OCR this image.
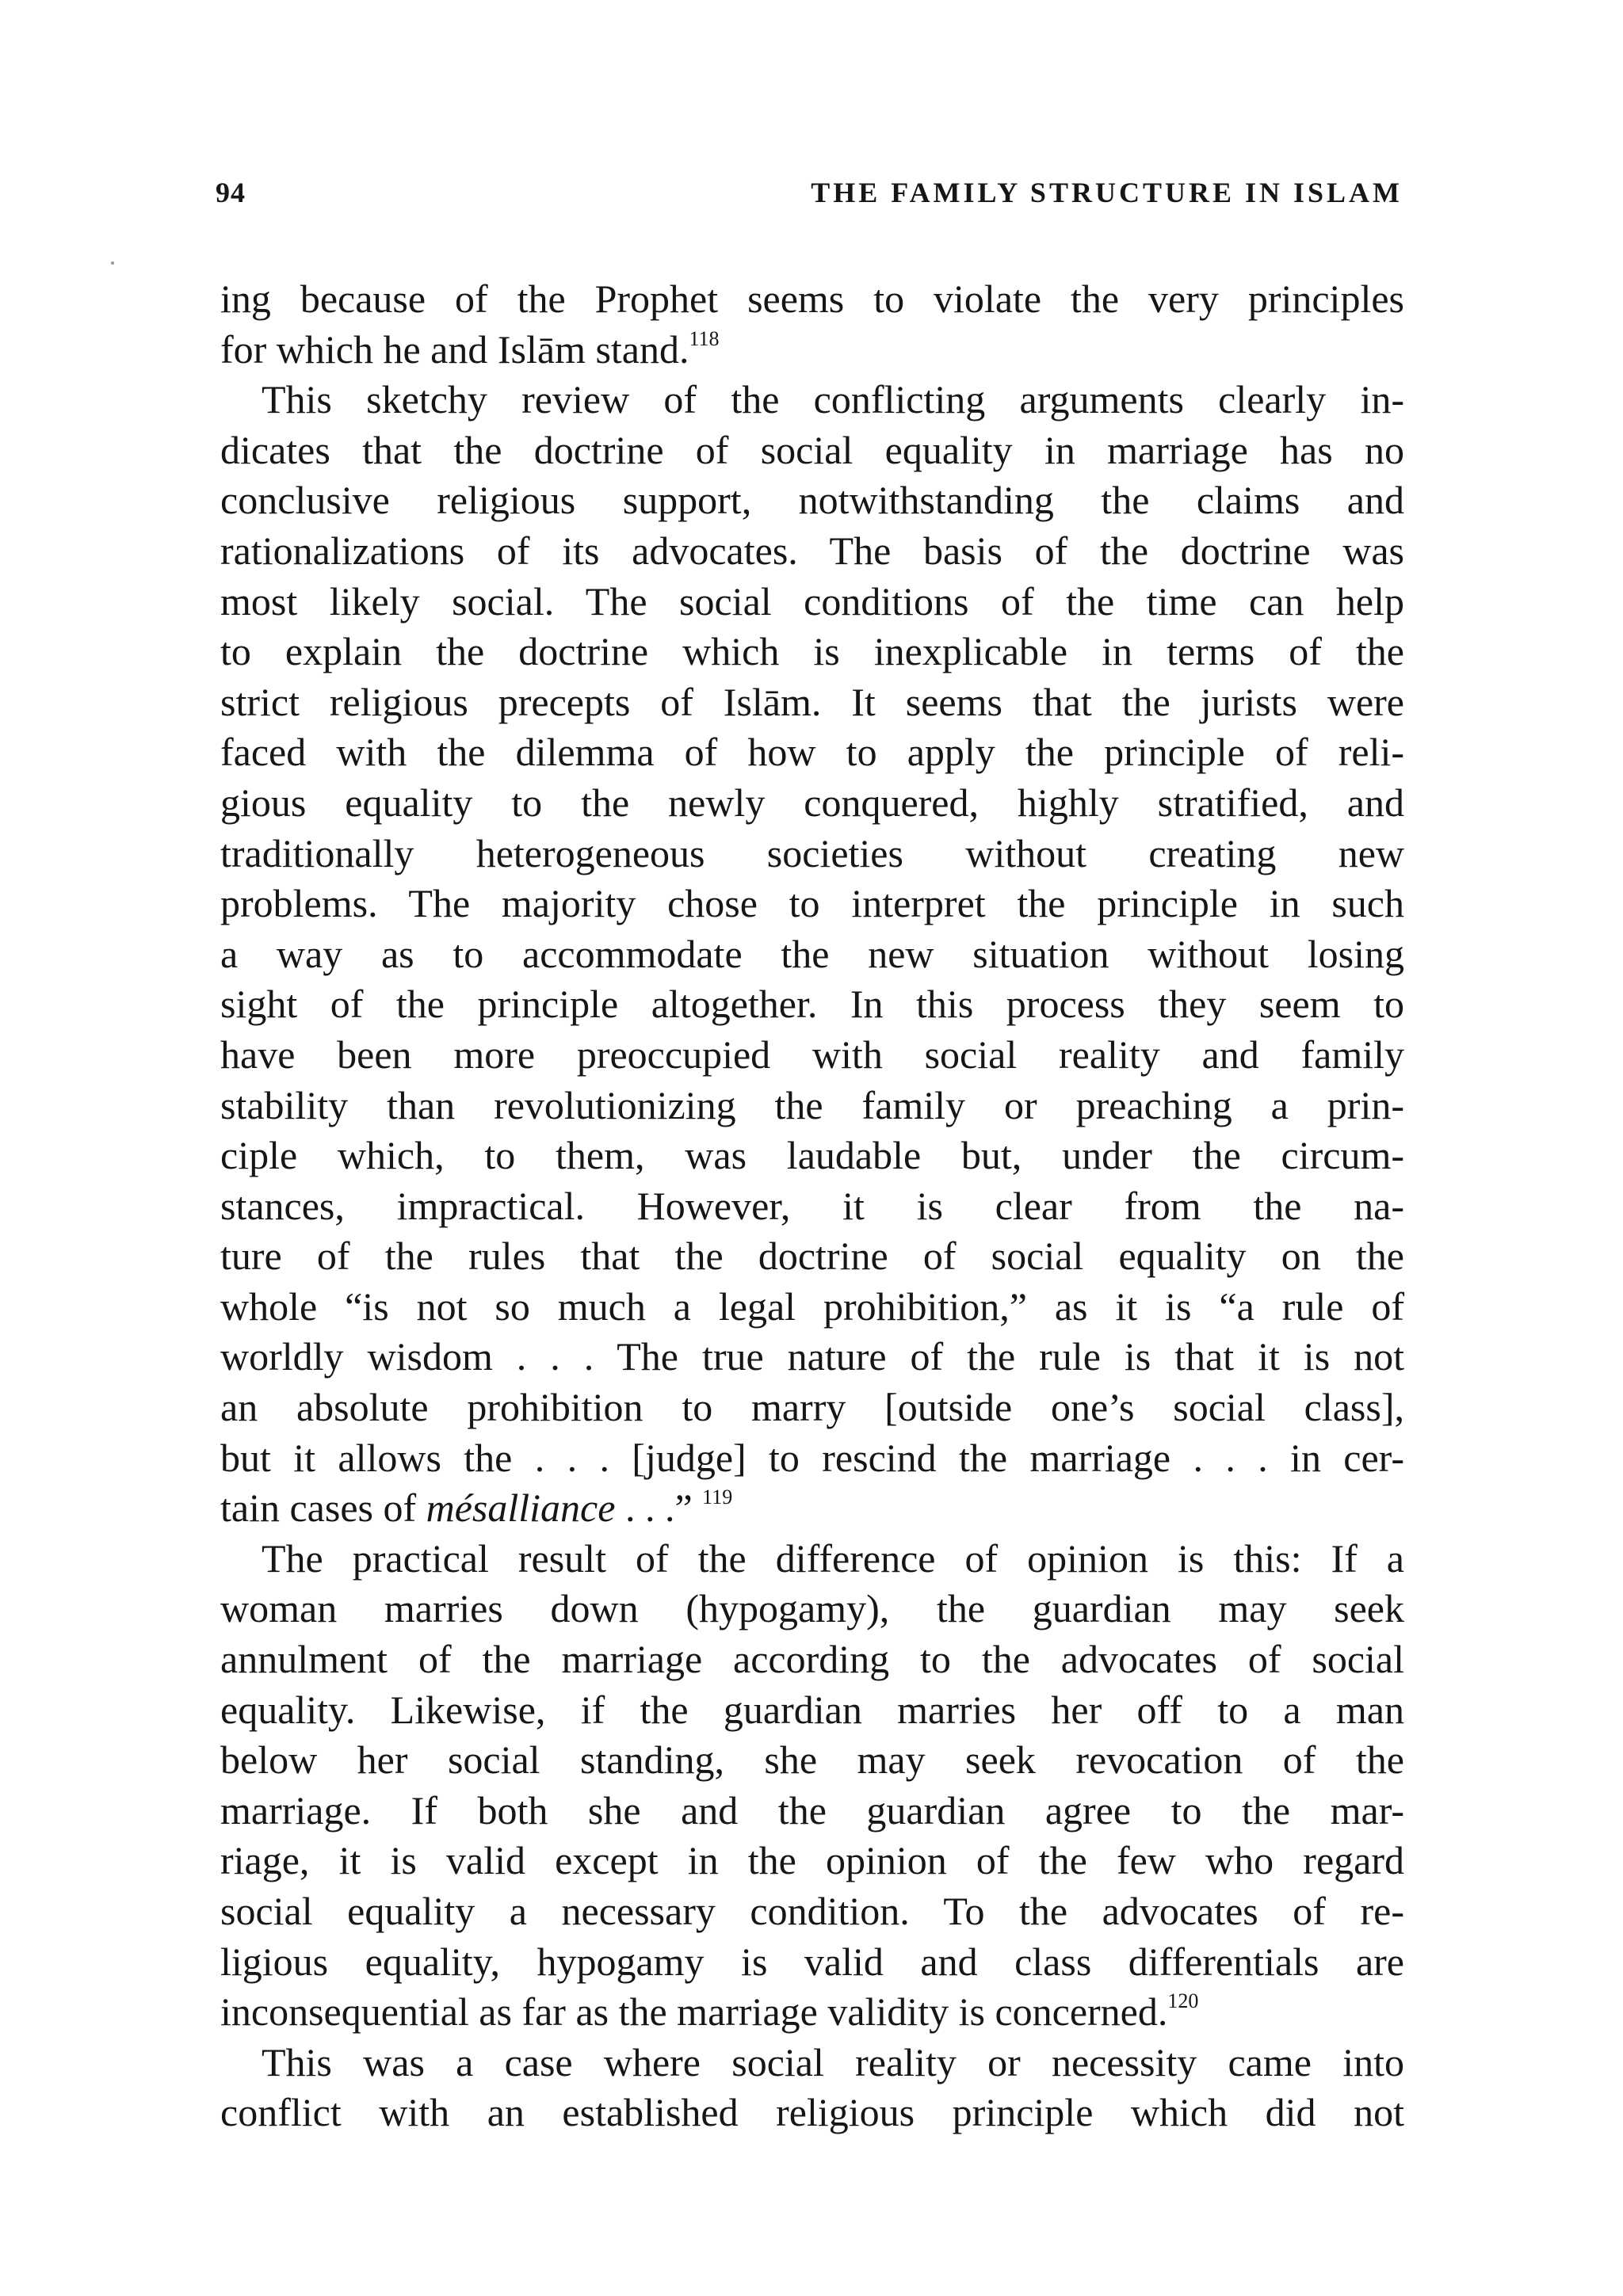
94	THE FAMILY STRUCTURE IN ISLAM
ing because of the Prophet seems to violate the very principles
for which he and Islām stand.$^{118}$
This sketchy review of the conflicting arguments clearly in-
dicates that the doctrine of social equality in marriage has no
conclusive religious support, notwithstanding the claims and
rationalizations of its advocates. The basis of the doctrine was
most likely social. The social conditions of the time can help
to explain the doctrine which is inexplicable in terms of the
strict religious precepts of Islām. It seems that the jurists were
faced with the dilemma of how to apply the principle of reli-
gious equality to the newly conquered, highly stratified, and
traditionally heterogeneous societies without creating new
problems. The majority chose to interpret the principle in such
a way as to accommodate the new situation without losing
sight of the principle altogether. In this process they seem to
have been more preoccupied with social reality and family
stability than revolutionizing the family or preaching a prin-
ciple which, to them, was laudable but, under the circum-
stances, impractical. However, it is clear from the na-
ture of the rules that the doctrine of social equality on the
whole “is not so much a legal prohibition,” as it is “a rule of
worldly wisdom . . . The true nature of the rule is that it is not
an absolute prohibition to marry [outside one’s social class],
but it allows the . . . [judge] to rescind the marriage . . . in cer-
tain cases of mésalliance . . .” $^{119}$
The practical result of the difference of opinion is this: If a
woman marries down (hypogamy), the guardian may seek
annulment of the marriage according to the advocates of social
equality. Likewise, if the guardian marries her off to a man
below her social standing, she may seek revocation of the
marriage. If both she and the guardian agree to the mar-
riage, it is valid except in the opinion of the few who regard
social equality a necessary condition. To the advocates of re-
ligious equality, hypogamy is valid and class differentials are
inconsequential as far as the marriage validity is concerned.$^{120}$
This was a case where social reality or necessity came into
conflict with an established religious principle which did not
